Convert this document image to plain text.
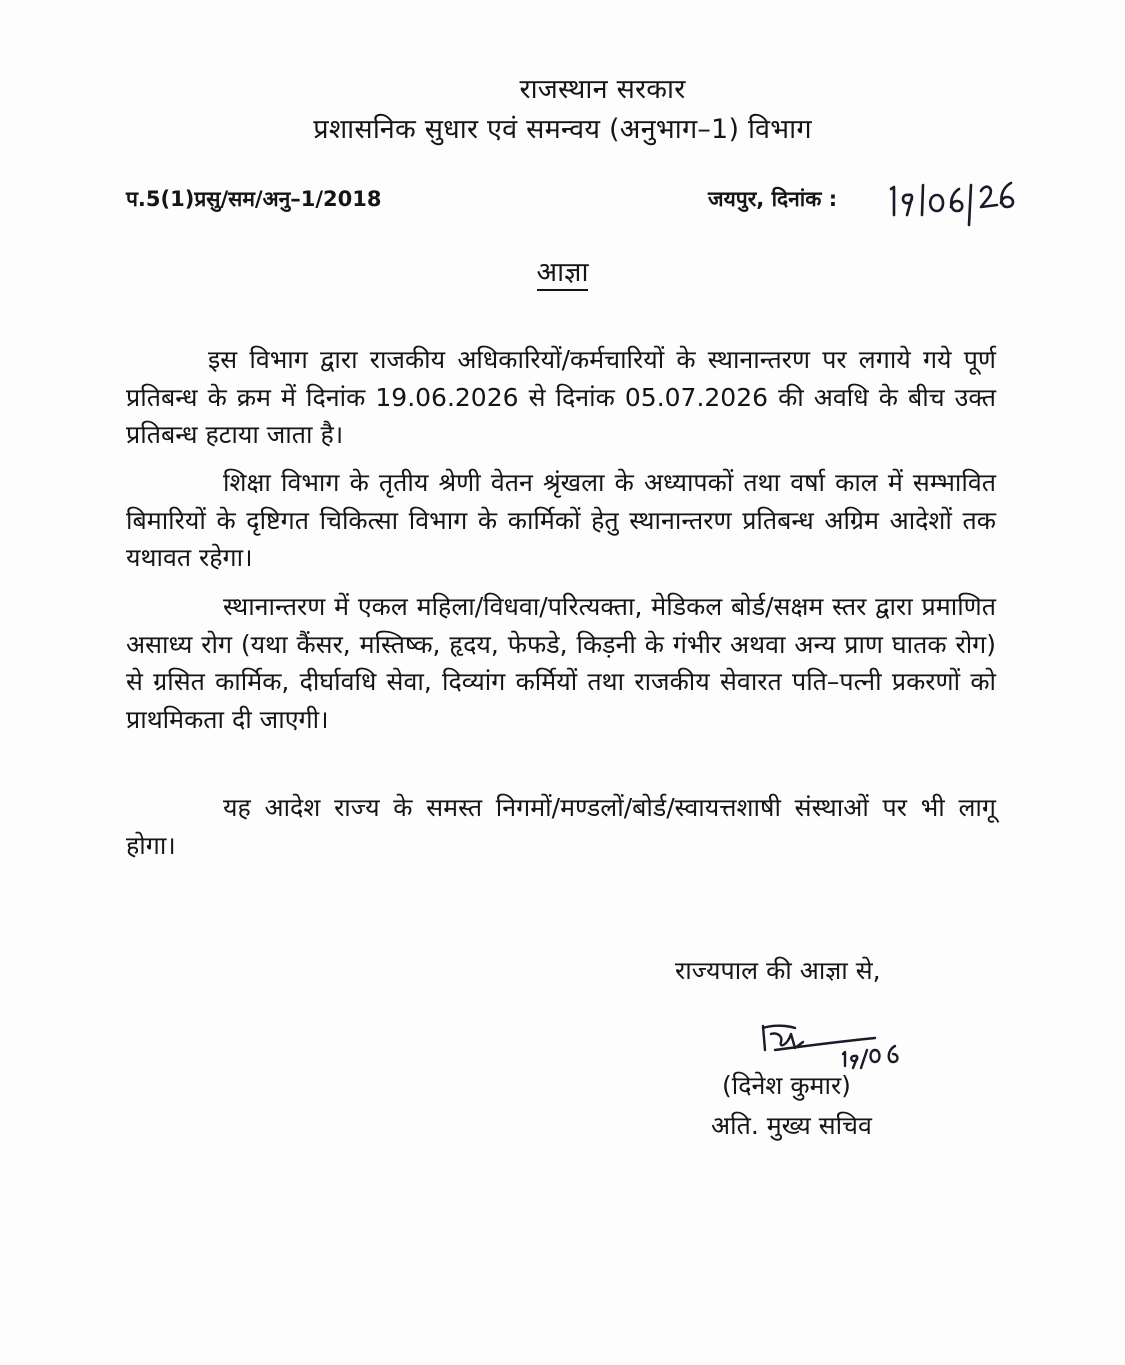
राजस्थान सरकार
प्रशासनिक सुधार एवं समन्वय (अनुभाग–1) विभाग
प.5(1)प्रसु/सम/अनु–1/2018	जयपुर, दिनांक :
आज्ञा

इस विभाग द्वारा राजकीय अधिकारियों/कर्मचारियों के स्थानान्तरण पर लगाये गये पूर्ण प्रतिबन्ध के क्रम में दिनांक 19.06.2026 से दिनांक 05.07.2026 की अवधि के बीच उक्त प्रतिबन्ध हटाया जाता है।

शिक्षा विभाग के तृतीय श्रेणी वेतन श्रृंखला के अध्यापकों तथा वर्षा काल में सम्भावित बिमारियों के दृष्टिगत चिकित्सा विभाग के कार्मिकों हेतु स्थानान्तरण प्रतिबन्ध अग्रिम आदेशों तक यथावत रहेगा।

स्थानान्तरण में एकल महिला/विधवा/परित्यक्ता, मेडिकल बोर्ड/सक्षम स्तर द्वारा प्रमाणित असाध्य रोग (यथा कैंसर, मस्तिष्क, हृदय, फेफडे, किड़नी के गंभीर अथवा अन्य प्राण घातक रोग) से ग्रसित कार्मिक, दीर्घावधि सेवा, दिव्यांग कर्मियों तथा राजकीय सेवारत पति–पत्नी प्रकरणों को प्राथमिकता दी जाएगी।

यह आदेश राज्य के समस्त निगमों/मण्डलों/बोर्ड/स्वायत्तशाषी संस्थाओं पर भी लागू होगा।

राज्यपाल की आज्ञा से,
(दिनेश कुमार)
अति. मुख्य सचिव
